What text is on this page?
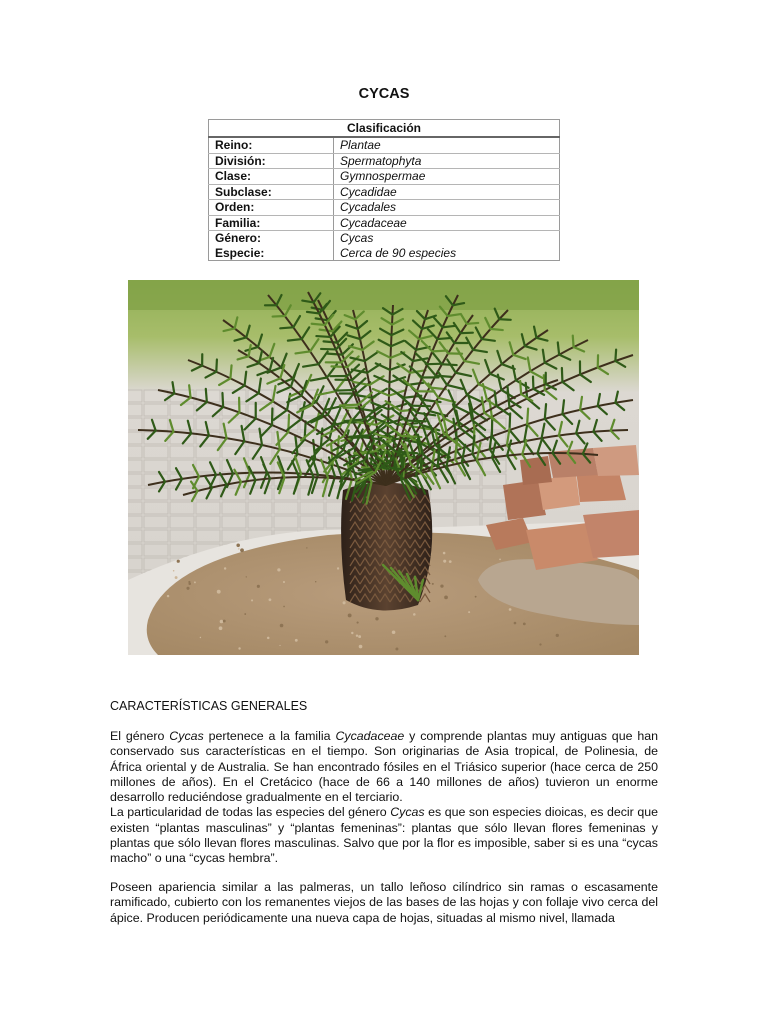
CYCAS
Clasificación	
Reino:	Plantae
División:	Spermatophyta
Clase:	Gymnospermae
Subclase:	Cycadidae
Orden:	Cycadales
Familia:	Cycadaceae
Género:	Cycas
Especie:	Cerca de 90 especies
CARACTERÍSTICAS GENERALES

El género Cycas pertenece a la familia Cycadaceae y comprende plantas muy antiguas que han conservado sus características en el tiempo. Son originarias de Asia tropical, de Polinesia, de África oriental y de Australia. Se han encontrado fósiles en el Triásico superior (hace cerca de 250 millones de años). En el Cretácico (hace de 66 a 140 millones de años) tuvieron un enorme desarrollo reduciéndose gradualmente en el terciario.

La particularidad de todas las especies del género Cycas es que son especies dioicas, es decir que existen “plantas masculinas” y “plantas femeninas”: plantas que sólo llevan flores femeninas y plantas que sólo llevan flores masculinas. Salvo que por la flor es imposible, saber si es una “cycas macho” o una “cycas hembra”.

Poseen apariencia similar a las palmeras, un tallo leñoso cilíndrico sin ramas o escasamente ramificado, cubierto con los remanentes viejos de las bases de las hojas y con follaje vivo cerca del ápice. Producen periódicamente una nueva capa de hojas, situadas al mismo nivel, llamada
